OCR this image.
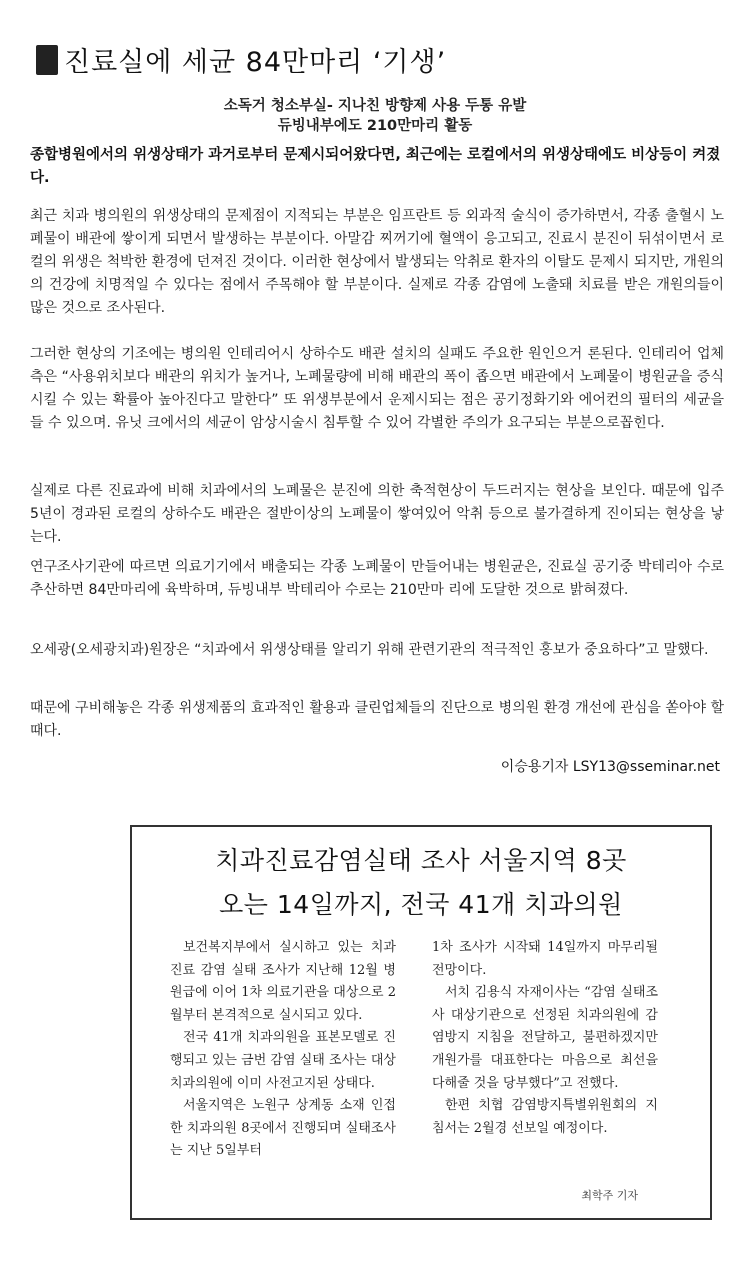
진료실에 세균 84만마리 ‘기생’
소독거 청소부실- 지나친 방향제 사용 두통 유발
듀빙내부에도 210만마리 활동
종합병원에서의 위생상태가 과거로부터 문제시되어왔다면, 최근에는 로컬에서의 위생상태에도 비상등이 켜졌다.
최근 치과 병의원의 위생상태의 문제점이 지적되는 부분은 임프란트 등 외과적 술식이 증가하면서, 각종 출혈시 노폐물이 배관에 쌓이게 되면서 발생하는 부분이다. 아말감 찌꺼기에 혈액이 응고되고, 진료시 분진이 뒤섞이면서 로컬의 위생은 척박한 환경에 던져진 것이다. 이러한 현상에서 발생되는 악취로 환자의 이탈도 문제시 되지만, 개원의의 건강에 치명적일 수 있다는 점에서 주목해야 할 부분이다. 실제로 각종 감염에 노출돼 치료를 받은 개원의들이 많은 것으로 조사된다.
그러한 현상의 기조에는 병의원 인테리어시 상하수도 배관 설치의 실패도 주요한 원인으거 론된다. 인테리어 업체측은 “사용위치보다 배관의 위치가 높거나, 노폐물량에 비해 배관의 폭이 좁으면 배관에서 노폐물이 병원균을 증식시킬 수 있는 확률아 높아진다고 말한다” 또 위생부분에서 운제시되는 점은 공기정화기와 에어컨의 필터의 세균을 들 수 있으며. 유닛 크에서의 세균이 암상시술시 침투할 수 있어 각별한 주의가 요구되는 부분으로꼽힌다.
실제로 다른 진료과에 비해 치과에서의 노폐물은 분진에 의한 축적현상이 두드러지는 현상을 보인다. 때문에 입주 5년이 경과된 로컬의 상하수도 배관은 절반이상의 노폐물이 쌓여있어 악취 등으로 불가결하게 진이되는 현상을 낳는다.
연구조사기관에 따르면 의료기기에서 배출되는 각종 노폐물이 만들어내는 병원균은, 진료실 공기중 박테리아 수로 추산하면 84만마리에 육박하며, 듀빙내부 박테리아 수로는 210만마 리에 도달한 것으로 밝혀졌다.
오세광(오세광치과)원장은 “치과에서 위생상태를 알리기 위해 관련기관의 적극적인 홍보가 중요하다”고 말했다.
때문에 구비해놓은 각종 위생제품의 효과적인 활용과 클린업체들의 진단으로 병의원 환경 개선에 관심을 쏟아야 할 때다.
이승용기자 LSY13@sseminar.net
치과진료감염실태 조사 서울지역 8곳
오는 14일까지, 전국 41개 치과의원

보건복지부에서 실시하고 있는 치과진료 감염 실태 조사가 지난해 12월 병원급에 이어 1차 의료기관을 대상으로 2월부터 본격적으로 실시되고 있다.

전국 41개 치과의원을 표본모델로 진행되고 있는 금번 감염 실태 조사는 대상 치과의원에 이미 사전고지된 상태다.

서울지역은 노원구 상계동 소재 인접한 치과의원 8곳에서 진행되며 실태조사는 지난 5일부터

1차 조사가 시작돼 14일까지 마무리될 전망이다.

서치 김용식 자재이사는 “감염 실태조사 대상기관으로 선정된 치과의원에 감염방지 지침을 전달하고, 불편하겠지만 개원가를 대표한다는 마음으로 최선을 다해줄 것을 당부했다”고 전했다.

한편 치협 감염방지특별위원회의 지침서는 2월경 선보일 예정이다.

최학주 기자
